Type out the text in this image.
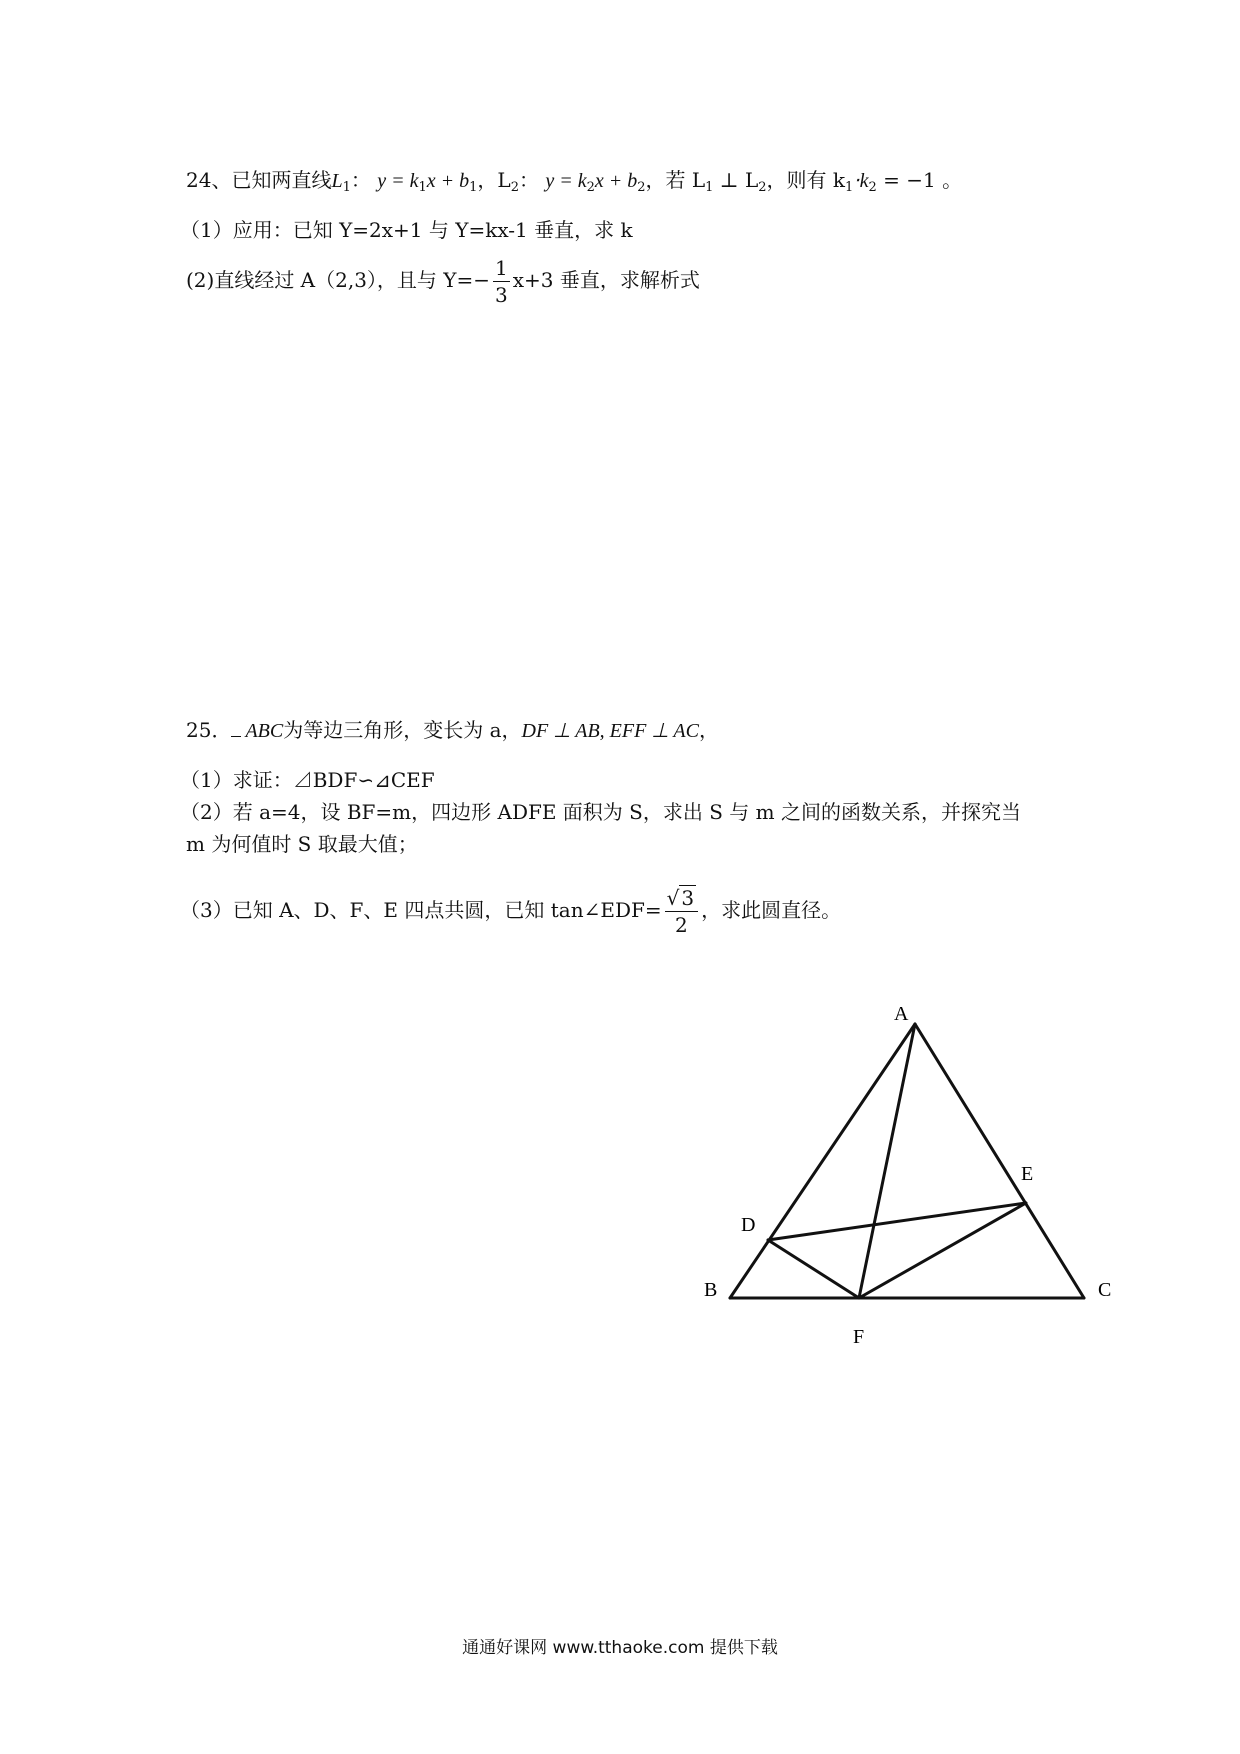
24、已知两直线$L_1$： $y = k_1x + b_1$，$L_2$： $y = k_2x + b_2$，若 $L_1$ ⊥ $L_2$，则有 $k_1\cdot k_2 = -1$ 。
（1）应用：已知 Y=2x+1 与 Y=kx-1 垂直，求 k
(2)直线经过 A（2,3），且与 $Y=- \frac{1}{3} x+3$ 垂直，求解析式
25． ABC为等边三角形，变长为 a，DF ⊥ AB, EFF ⊥ AC，
（1）求证：⊿BDF∽⊿CEF
（2）若 a=4，设 BF=m，四边形 ADFE 面积为 S，求出 S 与 m 之间的函数关系，并探究当
m 为何值时 S 取最大值；
（3）已知 A、D、F、E 四点共圆，已知 tan∠EDF= $\frac{√ 3}{2}$ ，求此圆直径。
A
B	C
D
E
F
通通好课网 www.tthaoke.com 提供下载
